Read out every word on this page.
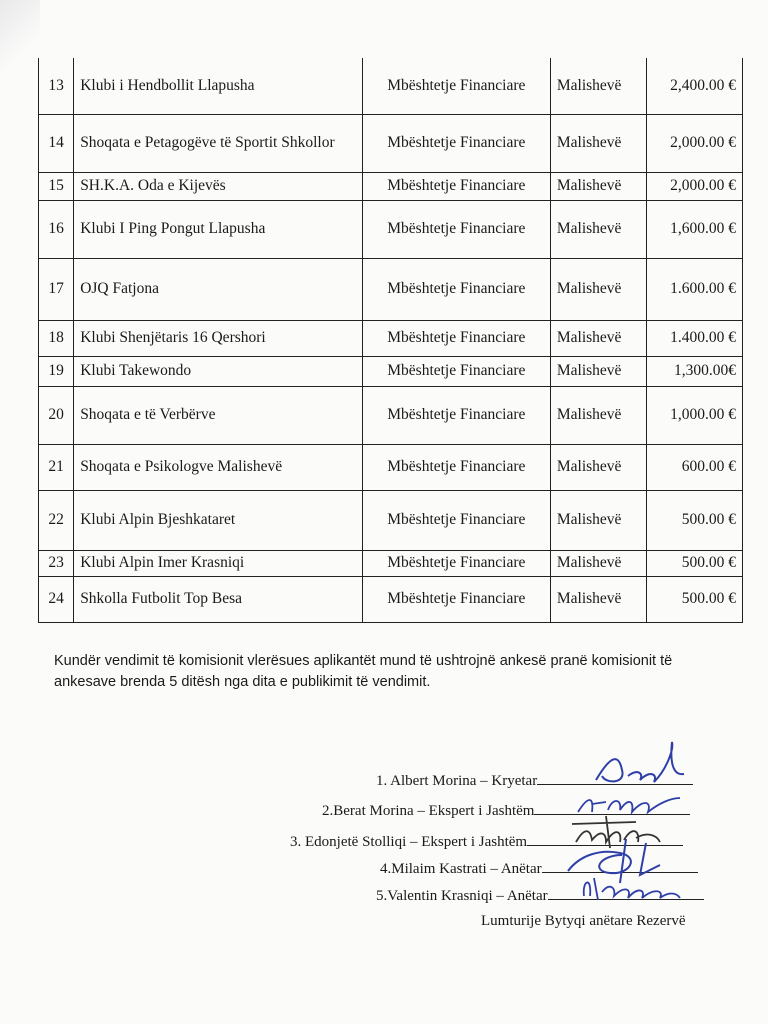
13	Klubi i Hendbollit Llapusha	Mbështetje Financiare	Malishevë	2,400.00 €
14	Shoqata e Petagogëve të Sportit Shkollor	Mbështetje Financiare	Malishevë	2,000.00 €
15	SH.K.A. Oda e Kijevës	Mbështetje Financiare	Malishevë	2,000.00 €
16	Klubi I Ping Pongut Llapusha	Mbështetje Financiare	Malishevë	1,600.00 €
17	OJQ Fatjona	Mbështetje Financiare	Malishevë	1.600.00 €
18	Klubi Shenjëtaris 16 Qershori	Mbështetje Financiare	Malishevë	1.400.00 €
19	Klubi Takewondo	Mbështetje Financiare	Malishevë	1,300.00€
20	Shoqata e të Verbërve	Mbështetje Financiare	Malishevë	1,000.00 €
21	Shoqata e Psikologve Malishevë	Mbështetje Financiare	Malishevë	600.00 €
22	Klubi Alpin Bjeshkataret	Mbështetje Financiare	Malishevë	500.00 €
23	Klubi Alpin Imer Krasniqi	Mbështetje Financiare	Malishevë	500.00 €
24	Shkolla Futbolit Top Besa	Mbështetje Financiare	Malishevë	500.00 €
Kundër vendimit të komisionit vlerësues aplikantët mund të ushtrojnë ankesë pranë komisionit të ankesave brenda 5 ditësh nga dita e publikimit të vendimit.
1. Albert Morina – Kryetar
2.Berat Morina – Ekspert i Jashtëm
3. Edonjetë Stolliqi – Ekspert i Jashtëm
4.Milaim Kastrati – Anëtar
5.Valentin Krasniqi – Anëtar
Lumturije Bytyqi anëtare Rezervë
